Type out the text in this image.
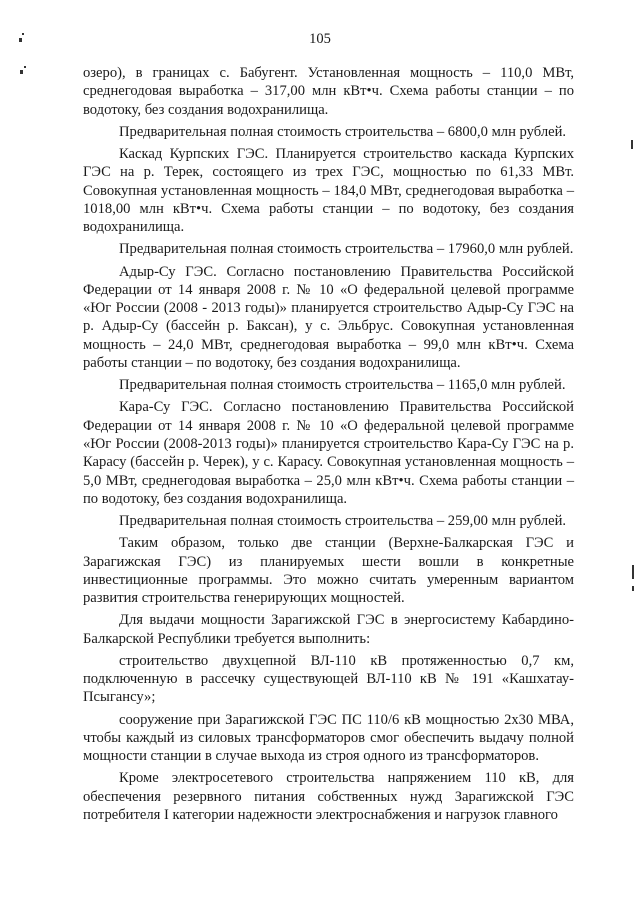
105

озеро), в границах с. Бабугент. Установленная мощность – 110,0 МВт, среднегодовая выработка – 317,00 млн кВт•ч. Схема работы станции – по водотоку, без создания водохранилища.

Предварительная полная стоимость строительства – 6800,0 млн рублей.

Каскад Курпских ГЭС. Планируется строительство каскада Курпских ГЭС на р. Терек, состоящего из трех ГЭС, мощностью по 61,33 МВт. Совокупная установленная мощность – 184,0 МВт, среднегодовая выработка – 1018,00 млн кВт•ч. Схема работы станции – по водотоку, без создания водохранилища.

Предварительная полная стоимость строительства – 17960,0 млн рублей.

Адыр-Су ГЭС. Согласно постановлению Правительства Российской Федерации от 14 января 2008 г. № 10 «О федеральной целевой программе «Юг России (2008 - 2013 годы)» планируется строительство Адыр-Су ГЭС на р. Адыр-Су (бассейн р. Баксан), у с. Эльбрус. Совокупная установленная мощность – 24,0 МВт, среднегодовая выработка – 99,0 млн кВт•ч. Схема работы станции – по водотоку, без создания водохранилища.

Предварительная полная стоимость строительства – 1165,0 млн рублей.

Кара-Су ГЭС. Согласно постановлению Правительства Российской Федерации от 14 января 2008 г. № 10 «О федеральной целевой программе «Юг России (2008-2013 годы)» планируется строительство Кара-Су ГЭС на р. Карасу (бассейн р. Черек), у с. Карасу. Совокупная установленная мощность – 5,0 МВт, среднегодовая выработка – 25,0 млн кВт•ч. Схема работы станции – по водотоку, без создания водохранилища.

Предварительная полная стоимость строительства – 259,00 млн рублей.

Таким образом, только две станции (Верхне-Балкарская ГЭС и Зарагижская ГЭС) из планируемых шести вошли в конкретные инвестиционные программы. Это можно считать умеренным вариантом развития строительства генерирующих мощностей.

Для выдачи мощности Зарагижской ГЭС в энергосистему Кабардино-Балкарской Республики требуется выполнить:

строительство двухцепной ВЛ-110 кВ протяженностью 0,7 км, подключенную в рассечку существующей ВЛ-110 кВ № 191 «Кашхатау-Псыгансу»;

сооружение при Зарагижской ГЭС ПС 110/6 кВ мощностью 2х30 МВА, чтобы каждый из силовых трансформаторов смог обеспечить выдачу полной мощности станции в случае выхода из строя одного из трансформаторов.

Кроме электросетевого строительства напряжением 110 кВ, для обеспечения резервного питания собственных нужд Зарагижской ГЭС потребителя I категории надежности электроснабжения и нагрузок главного
